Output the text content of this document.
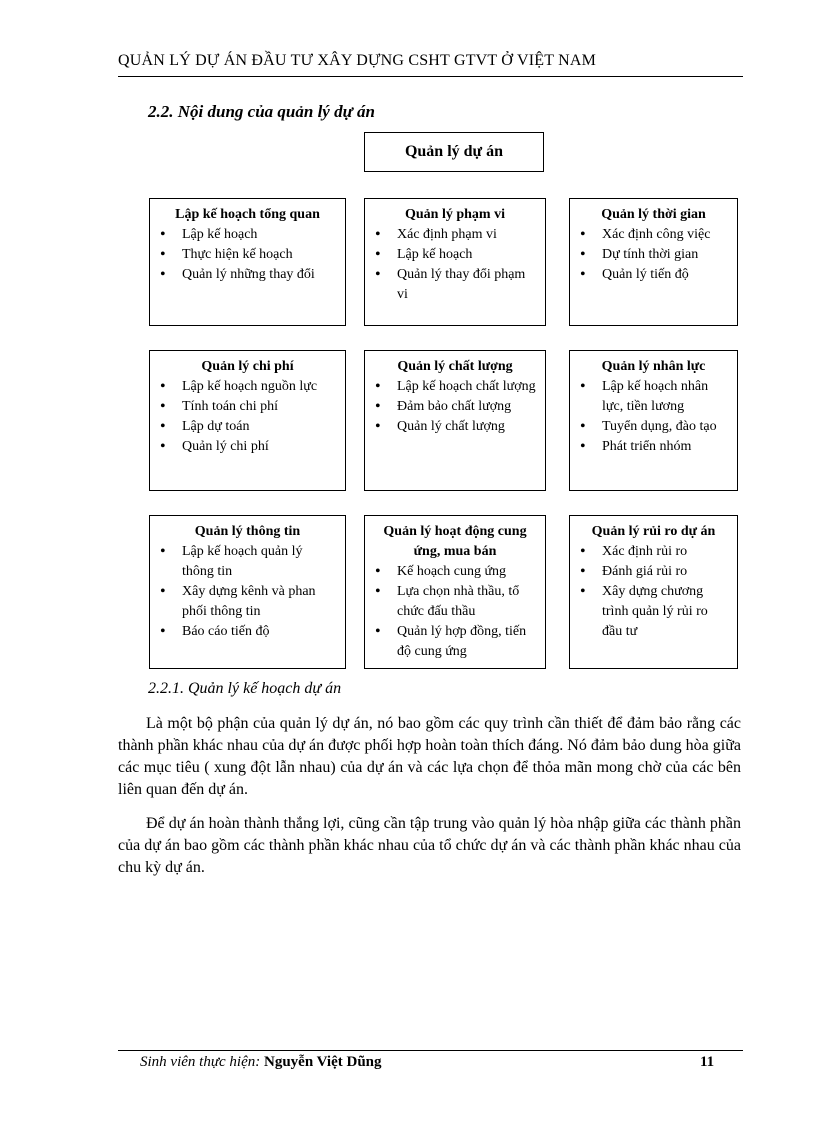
QUẢN LÝ DỰ ÁN ĐẦU TƯ XÂY DỰNG CSHT GTVT Ở VIỆT NAM
2.2. Nội dung của quản lý dự án
Quản lý dự án
Lập kế hoạch tổng quan
• Lập kế hoạch
• Thực hiện kế hoạch
• Quản lý những thay đổi
Quản lý phạm vi
• Xác định phạm vi
• Lập kế hoạch
• Quản lý thay đổi phạm vi
Quản lý thời gian
• Xác định công việc
• Dự tính thời gian
• Quản lý tiến độ
Quản lý chi phí
• Lập kế hoạch nguồn lực
• Tính toán chi phí
• Lập dự toán
• Quản lý chi phí
Quản lý chất lượng
• Lập kế hoạch chất lượng
• Đảm bảo chất lượng
• Quản lý chất lượng
Quản lý nhân lực
• Lập kế hoạch nhân lực, tiền lương
• Tuyển dụng, đào tạo
• Phát triển nhóm
Quản lý thông tin
• Lập kế hoạch quản lý thông tin
• Xây dựng kênh và phan phối thông tin
• Báo cáo tiến độ
Quản lý hoạt động cung ứng, mua bán
• Kế hoạch cung ứng
• Lựa chọn nhà thầu, tổ chức đấu thầu
• Quản lý hợp đồng, tiến độ cung ứng
Quản lý rủi ro dự án
• Xác định rủi ro
• Đánh giá rủi ro
• Xây dựng chương trình quản lý rủi ro đầu tư
2.2.1. Quản lý kế hoạch dự án

Là một bộ phận của quản lý dự án, nó bao gồm các quy trình cần thiết để đảm bảo rằng các thành phần khác nhau của dự án được phối hợp hoàn toàn thích đáng. Nó đảm bảo dung hòa giữa các mục tiêu ( xung đột lẫn nhau) của dự án và các lựa chọn để thỏa mãn mong chờ của các bên liên quan đến dự án.

Để dự án hoàn thành thắng lợi, cũng cần tập trung vào quản lý hòa nhập giữa các thành phần của dự án bao gồm các thành phần khác nhau của tổ chức dự án và các thành phần khác nhau của chu kỳ dự án.

Sinh viên thực hiện: Nguyễn Việt Dũng	11
